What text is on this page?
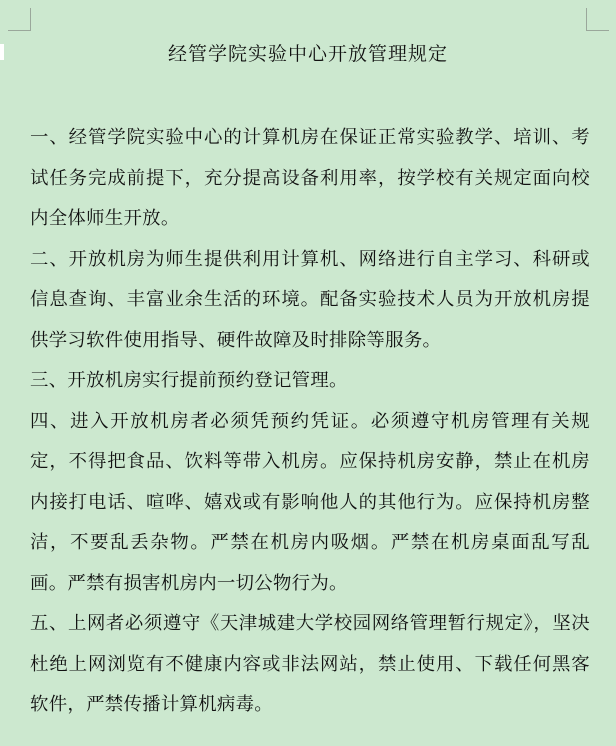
经管学院实验中心开放管理规定

一、经管学院实验中心的计算机房在保证正常实验教学、培训、考试任务完成前提下，充分提高设备利用率，按学校有关规定面向校内全体师生开放。

二、开放机房为师生提供利用计算机、网络进行自主学习、科研或信息查询、丰富业余生活的环境。配备实验技术人员为开放机房提供学习软件使用指导、硬件故障及时排除等服务。

三、开放机房实行提前预约登记管理。

四、进入开放机房者必须凭预约凭证。必须遵守机房管理有关规定，不得把食品、饮料等带入机房。应保持机房安静，禁止在机房内接打电话、喧哗、嬉戏或有影响他人的其他行为。应保持机房整洁，不要乱丢杂物。严禁在机房内吸烟。严禁在机房桌面乱写乱画。严禁有损害机房内一切公物行为。

五、上网者必须遵守《天津城建大学校园网络管理暂行规定》，坚决杜绝上网浏览有不健康内容或非法网站，禁止使用、下载任何黑客软件，严禁传播计算机病毒。
